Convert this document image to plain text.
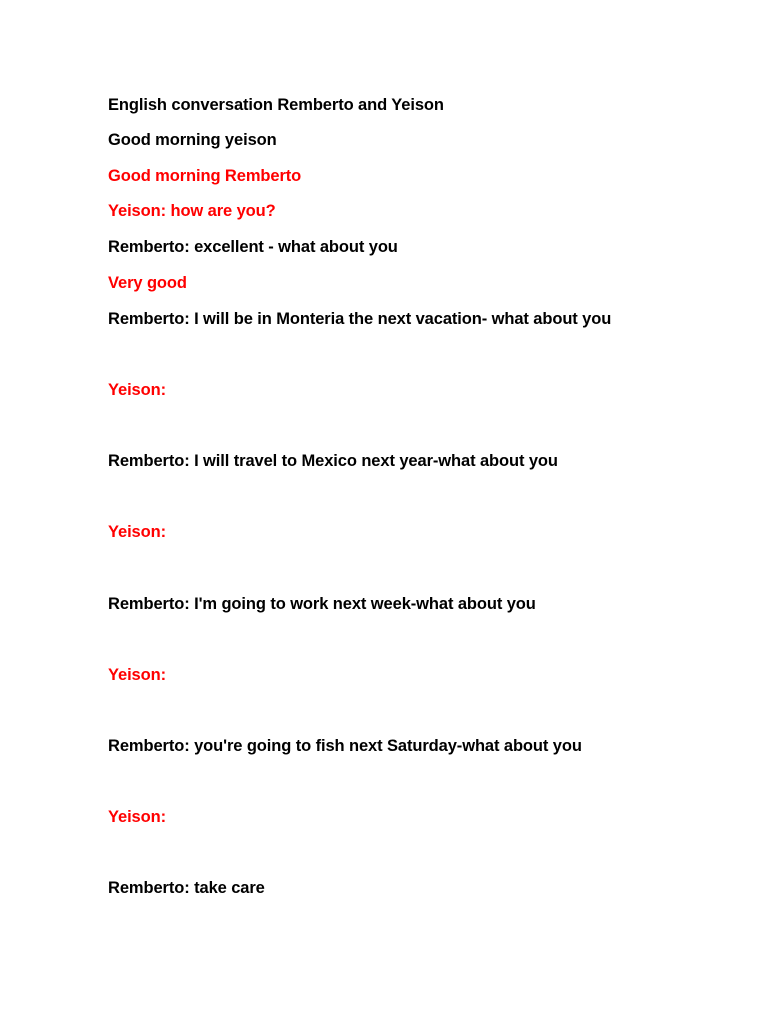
English conversation Remberto and Yeison
Good morning yeison
Good morning Remberto
Yeison: how are you?
Remberto: excellent - what about you
Very good
Remberto: I will be in Monteria the next vacation- what about you
Yeison:
Remberto: I will travel to Mexico next year-what about you
Yeison:
Remberto: I'm going to work next week-what about you
Yeison:
Remberto: you're going to fish next Saturday-what about you
Yeison:
Remberto: take care
